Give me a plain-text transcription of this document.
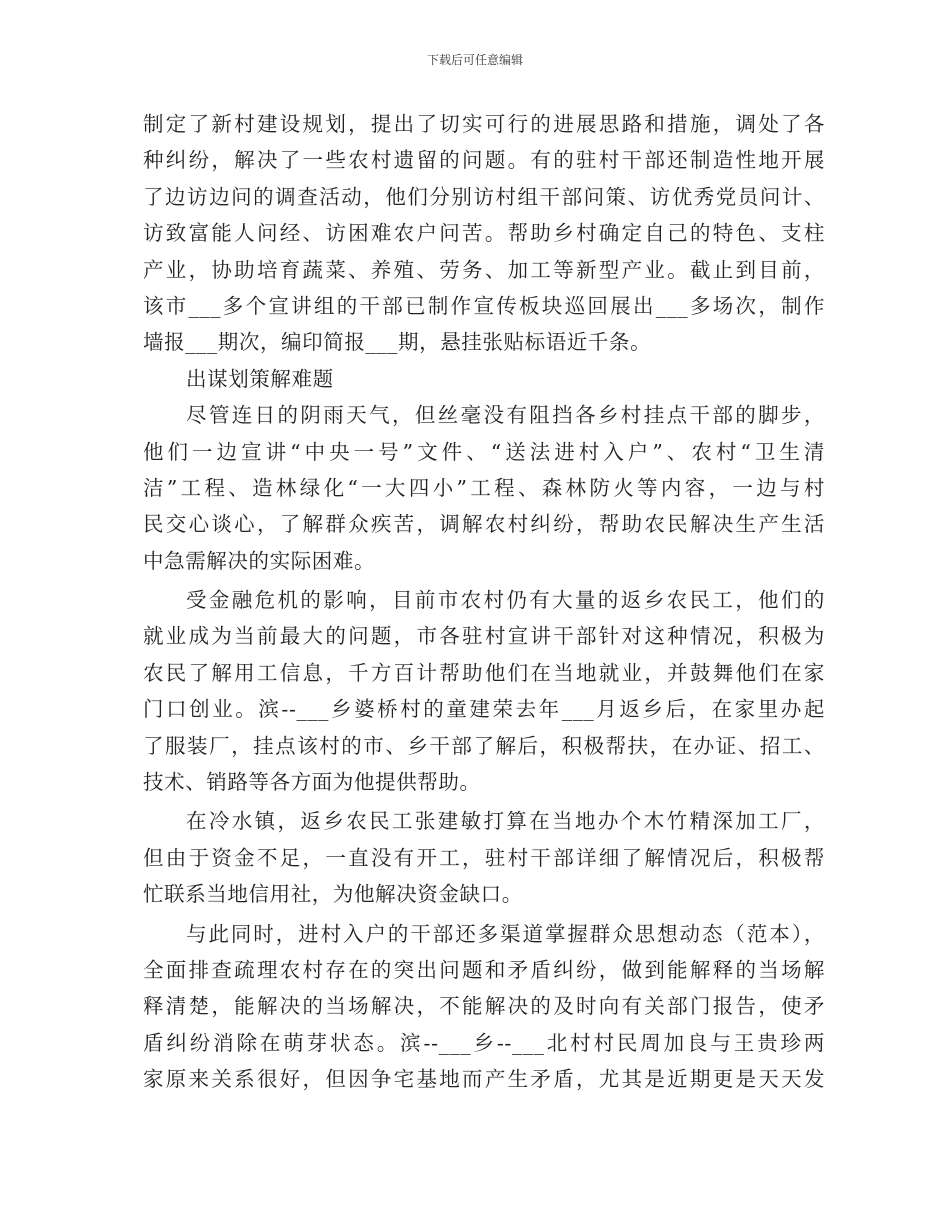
下载后可任意编辑
制定了新村建设规划，提出了切实可行的进展思路和措施，调处了各
种纠纷，解决了一些农村遗留的问题。有的驻村干部还制造性地开展
了边访边问的调查活动，他们分别访村组干部问策、访优秀党员问计、
访致富能人问经、访困难农户问苦。帮助乡村确定自己的特色、支柱
产业，协助培育蔬菜、养殖、劳务、加工等新型产业。截止到目前，
该市___多个宣讲组的干部已制作宣传板块巡回展出___多场次，制作
墙报___期次，编印简报___期，悬挂张贴标语近千条。
出谋划策解难题
尽管连日的阴雨天气，但丝毫没有阻挡各乡村挂点干部的脚步，
他们一边宣讲“中央一号”文件、“送法进村入户”、农村“卫生清
洁”工程、造林绿化“一大四小”工程、森林防火等内容，一边与村
民交心谈心，了解群众疾苦，调解农村纠纷，帮助农民解决生产生活
中急需解决的实际困难。
受金融危机的影响，目前市农村仍有大量的返乡农民工，他们的
就业成为当前最大的问题，市各驻村宣讲干部针对这种情况，积极为
农民了解用工信息，千方百计帮助他们在当地就业，并鼓舞他们在家
门口创业。滨--___乡婆桥村的童建荣去年___月返乡后，在家里办起
了服装厂，挂点该村的市、乡干部了解后，积极帮扶，在办证、招工、
技术、销路等各方面为他提供帮助。
在冷水镇，返乡农民工张建敏打算在当地办个木竹精深加工厂，
但由于资金不足，一直没有开工，驻村干部详细了解情况后，积极帮
忙联系当地信用社，为他解决资金缺口。
与此同时，进村入户的干部还多渠道掌握群众思想动态（范本），
全面排查疏理农村存在的突出问题和矛盾纠纷，做到能解释的当场解
释清楚，能解决的当场解决，不能解决的及时向有关部门报告，使矛
盾纠纷消除在萌芽状态。滨--___乡--___北村村民周加良与王贵珍两
家原来关系很好，但因争宅基地而产生矛盾，尤其是近期更是天天发
